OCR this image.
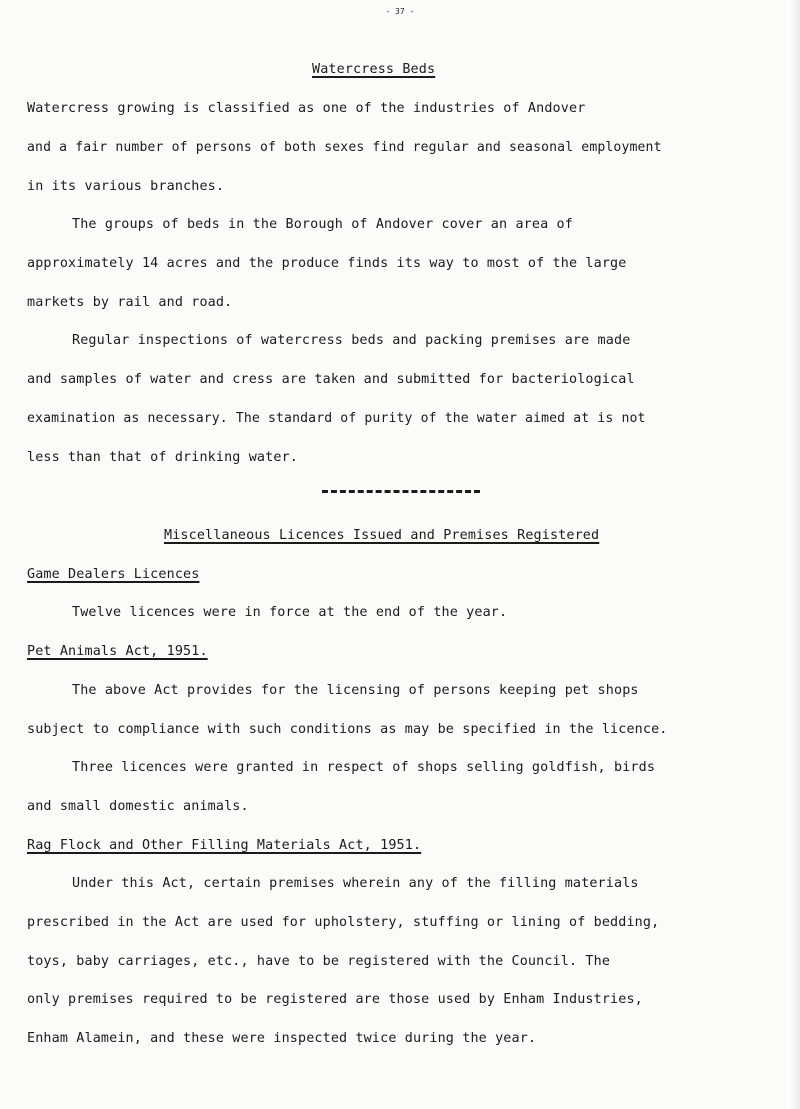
- 37 -

Watercress Beds

Watercress growing is classified as one of the industries of Andover

and a fair number of persons of both sexes find regular and seasonal employment

in its various branches.

The groups of beds in the Borough of Andover cover an area of

approximately 14 acres and the produce finds its way to most of the large

markets by rail and road.

Regular inspections of watercress beds and packing premises are made

and samples of water and cress are taken and submitted for bacteriological

examination as necessary. The standard of purity of the water aimed at is not

less than that of drinking water.

Miscellaneous Licences Issued and Premises Registered

Game Dealers Licences

Twelve licences were in force at the end of the year.

Pet Animals Act, 1951.

The above Act provides for the licensing of persons keeping pet shops

subject to compliance with such conditions as may be specified in the licence.

Three licences were granted in respect of shops selling goldfish, birds

and small domestic animals.

Rag Flock and Other Filling Materials Act, 1951.

Under this Act, certain premises wherein any of the filling materials

prescribed in the Act are used for upholstery, stuffing or lining of bedding,

toys, baby carriages, etc., have to be registered with the Council. The

only premises required to be registered are those used by Enham Industries,

Enham Alamein, and these were inspected twice during the year.
